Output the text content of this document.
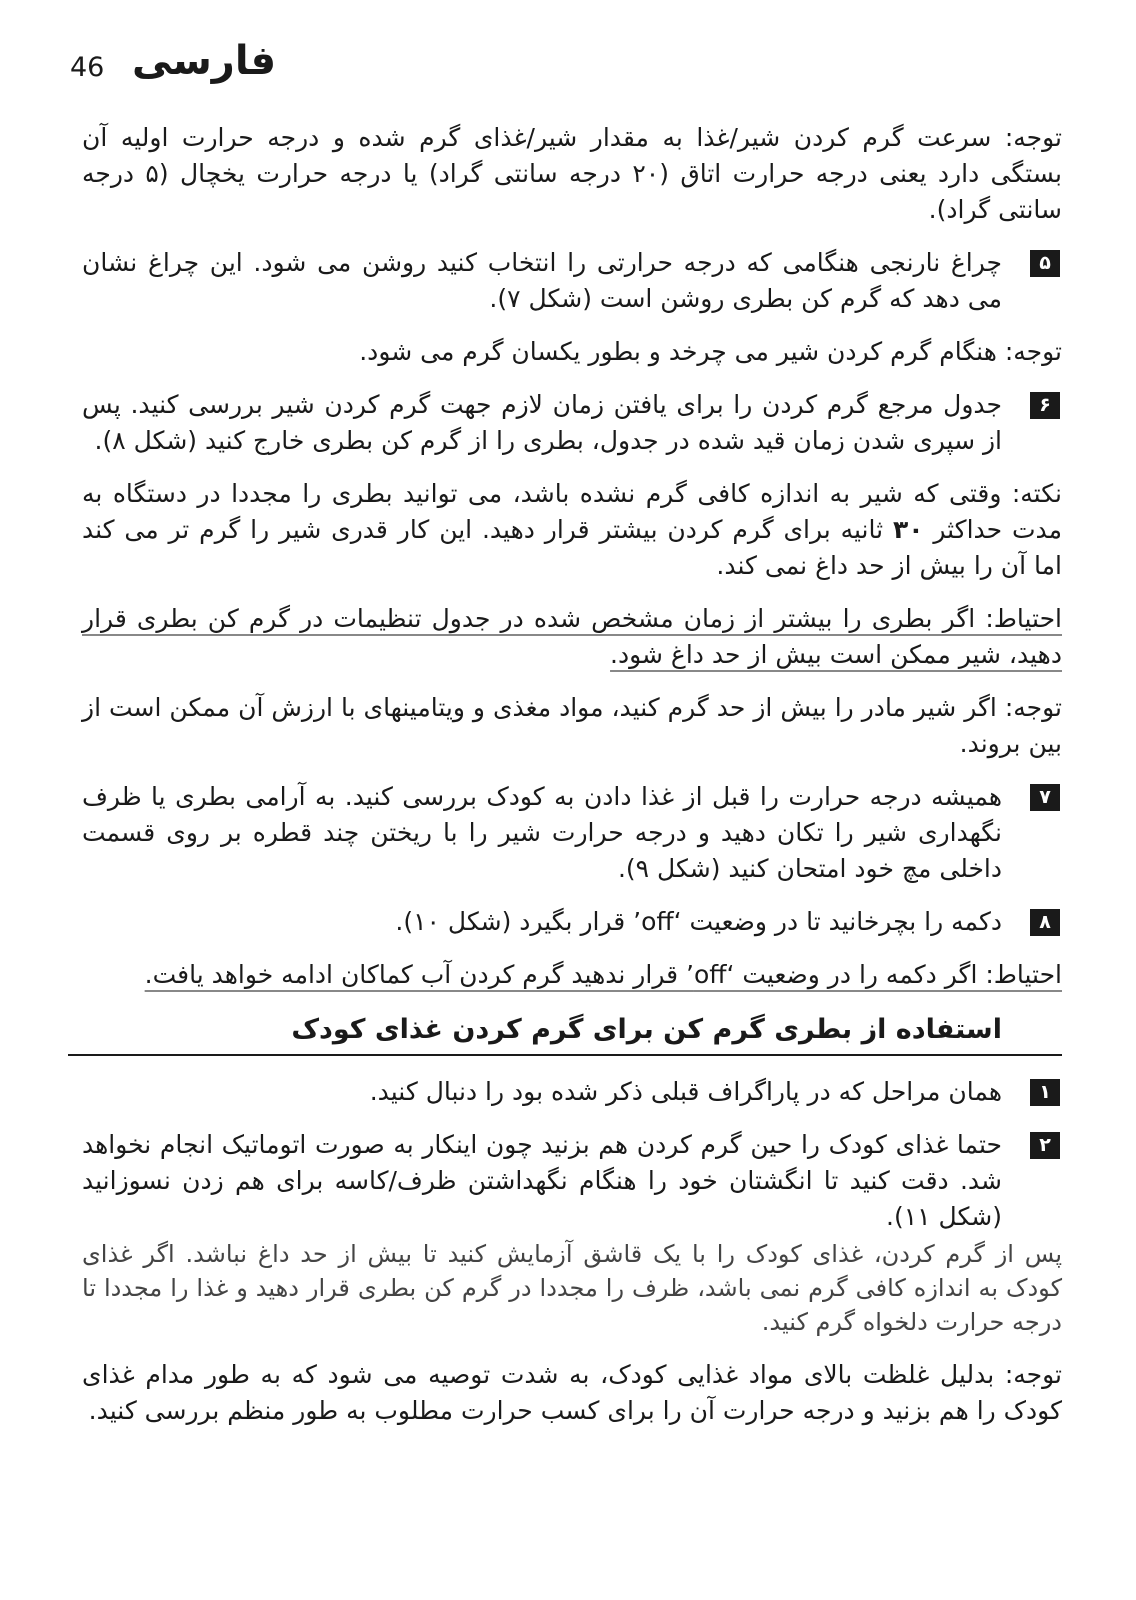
46 فارسی

توجه: سرعت گرم کردن شیر/غذا به مقدار شیر/غذای گرم شده و درجه حرارت اولیه آن بستگی دارد یعنی درجه حرارت اتاق (۲۰ درجه سانتی گراد) یا درجه حرارت یخچال (۵ درجه سانتی گراد).

۵

چراغ نارنجی هنگامی که درجه حرارتی را انتخاب کنید روشن می شود. این چراغ نشان می دهد که گرم کن بطری روشن است (شکل ۷).

توجه: هنگام گرم کردن شیر می چرخد و بطور یکسان گرم می شود.

۶

جدول مرجع گرم کردن را برای یافتن زمان لازم جهت گرم کردن شیر بررسی کنید. پس از سپری شدن زمان قید شده در جدول، بطری را از گرم کن بطری خارج کنید (شکل ۸).

نکته: وقتی که شیر به اندازه کافی گرم نشده باشد، می توانید بطری را مجددا در دستگاه به مدت حداکثر ۳۰ ثانیه برای گرم کردن بیشتر قرار دهید. این کار قدری شیر را گرم تر می کند اما آن را بیش از حد داغ نمی کند.

احتیاط: اگر بطری را بیشتر از زمان مشخص شده در جدول تنظیمات در گرم کن بطری قرار دهید، شیر ممکن است بیش از حد داغ شود.

توجه: اگر شیر مادر را بیش از حد گرم کنید، مواد مغذی و ویتامینهای با ارزش آن ممکن است از بین بروند.

۷

همیشه درجه حرارت را قبل از غذا دادن به کودک بررسی کنید. به آرامی بطری یا ظرف نگهداری شیر را تکان دهید و درجه حرارت شیر را با ریختن چند قطره بر روی قسمت داخلی مچ خود امتحان کنید (شکل ۹).

۸

دکمه را بچرخانید تا در وضعیت ‘off’ قرار بگیرد (شکل ۱۰).

احتیاط: اگر دکمه را در وضعیت ‘off’ قرار ندهید گرم کردن آب کماکان ادامه خواهد یافت.

استفاده از بطری گرم کن برای گرم کردن غذای کودک
۱

همان مراحل که در پاراگراف قبلی ذکر شده بود را دنبال کنید.

۲

حتما غذای کودک را حین گرم کردن هم بزنید چون اینکار به صورت اتوماتیک انجام نخواهد شد. دقت کنید تا انگشتان خود را هنگام نگهداشتن ظرف/کاسه برای هم زدن نسوزانید (شکل ۱۱).

پس از گرم کردن، غذای کودک را با یک قاشق آزمایش کنید تا بیش از حد داغ نباشد. اگر غذای کودک به اندازه کافی گرم نمی باشد، ظرف را مجددا در گرم کن بطری قرار دهید و غذا را مجددا تا درجه حرارت دلخواه گرم کنید.

توجه: بدلیل غلظت بالای مواد غذایی کودک، به شدت توصیه می شود که به طور مدام غذای کودک را هم بزنید و درجه حرارت آن را برای کسب حرارت مطلوب به طور منظم بررسی کنید.
